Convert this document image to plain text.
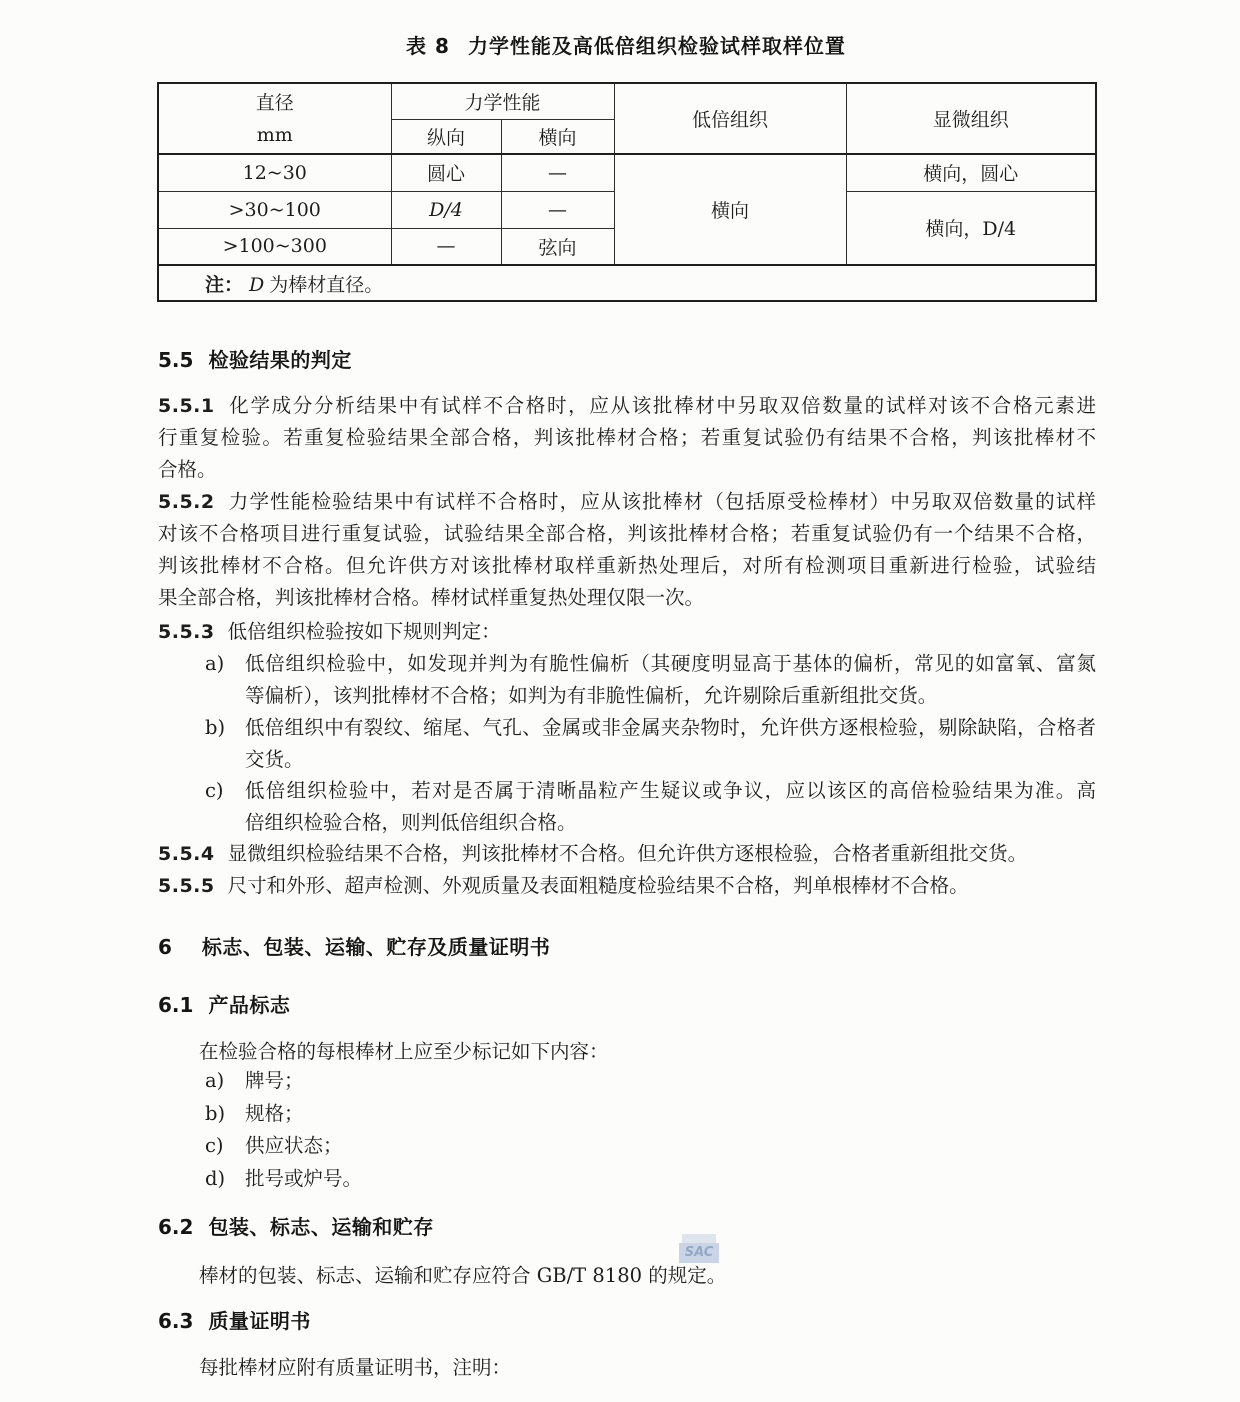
SAC
表 8 力学性能及高低倍组织检验试样取样位置
直径
mm	力学性能		低倍组织	显微组织
	纵向	横向		
12~30	圆心	—	横向	横向，圆心
>30~100	D/4	—		横向，D/4
>100~300	—	弦向		
注： D 为棒材直径。				
5.5 检验结果的判定
5.5.1 化学成分分析结果中有试样不合格时，应从该批棒材中另取双倍数量的试样对该不合格元素进
行重复检验。若重复检验结果全部合格，判该批棒材合格；若重复试验仍有结果不合格，判该批棒材不
合格。
5.5.2 力学性能检验结果中有试样不合格时，应从该批棒材（包括原受检棒材）中另取双倍数量的试样
对该不合格项目进行重复试验，试验结果全部合格，判该批棒材合格；若重复试验仍有一个结果不合格，
判该批棒材不合格。但允许供方对该批棒材取样重新热处理后，对所有检测项目重新进行检验，试验结
果全部合格，判该批棒材合格。棒材试样重复热处理仅限一次。
5.5.3 低倍组织检验按如下规则判定：
a) 低倍组织检验中，如发现并判为有脆性偏析（其硬度明显高于基体的偏析，常见的如富氧、富氮
等偏析），该判批棒材不合格；如判为有非脆性偏析，允许剔除后重新组批交货。
b) 低倍组织中有裂纹、缩尾、气孔、金属或非金属夹杂物时，允许供方逐根检验，剔除缺陷，合格者
交货。
c) 低倍组织检验中，若对是否属于清晰晶粒产生疑议或争议，应以该区的高倍检验结果为准。高
倍组织检验合格，则判低倍组织合格。
5.5.4 显微组织检验结果不合格，判该批棒材不合格。但允许供方逐根检验，合格者重新组批交货。
5.5.5 尺寸和外形、超声检测、外观质量及表面粗糙度检验结果不合格，判单根棒材不合格。
6 标志、包装、运输、贮存及质量证明书
6.1 产品标志
在检验合格的每根棒材上应至少标记如下内容：
a) 牌号；
b) 规格；
c) 供应状态；
d) 批号或炉号。
6.2 包装、标志、运输和贮存
棒材的包装、标志、运输和贮存应符合 GB/T 8180 的规定。
6.3 质量证明书
每批棒材应附有质量证明书，注明：
